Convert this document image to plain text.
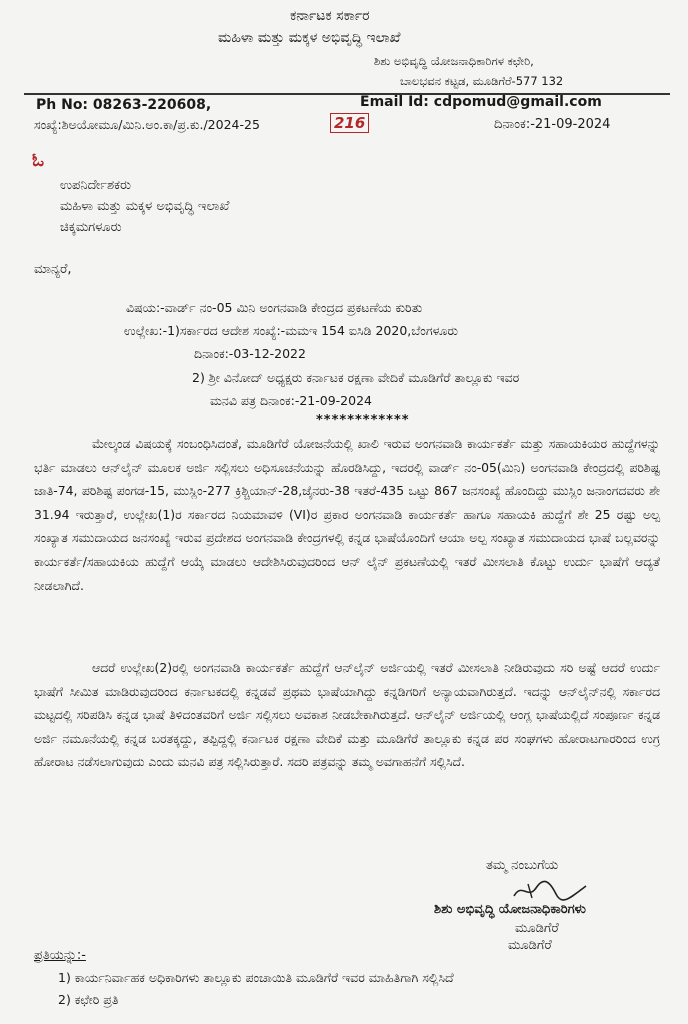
ಕರ್ನಾಟಕ ಸರ್ಕಾರ
ಮಹಿಳಾ ಮತ್ತು ಮಕ್ಕಳ ಅಭಿವೃದ್ಧಿ ಇಲಾಖೆ
ಶಿಶು ಅಭಿವೃದ್ಧಿ ಯೋಜನಾಧಿಕಾರಿಗಳ ಕಛೇರಿ,
ಬಾಲಭವನ ಕಟ್ಟಡ, ಮೂಡಿಗೆರೆ-577 132
Ph No: 08263-220608,	Email Id: cdpomud@gmail.com
ಸಂಖ್ಯೆ:ಶಿಅಯೋಮೂ/ಮಿನಿ.ಅಂ.ಕಾ/ಪ್ರ.ಕು./2024-25	216	ದಿನಾಂಕ:-21-09-2024
ಓ
ಉಪನಿರ್ದೇಶಕರು
ಮಹಿಳಾ ಮತ್ತು ಮಕ್ಕಳ ಅಭಿವೃದ್ಧಿ ಇಲಾಖೆ
ಚಿಕ್ಕಮಗಳೂರು
ಮಾನ್ಯರೆ,
ವಿಷಯ:-ವಾರ್ಡ್ ನಂ-05 ಮಿನಿ ಅಂಗನವಾಡಿ ಕೇಂದ್ರದ ಪ್ರಕಟಣೆಯ ಕುರಿತು
ಉಲ್ಲೇಖ:-1)ಸರ್ಕಾರದ ಆದೇಶ ಸಂಖ್ಯೆ:-ಮಮಇ 154 ಐಸಿಡಿ 2020,ಬೆಂಗಳೂರು
ದಿನಾಂಕ:-03-12-2022
2) ಶ್ರೀ ವಿನೋದ್ ಅಧ್ಯಕ್ಷರು ಕರ್ನಾಟಕ ರಕ್ಷಣಾ ವೇದಿಕೆ ಮೂಡಿಗೆರೆ ತಾಲ್ಲೂಕು ಇವರ
ಮನವಿ ಪತ್ರ ದಿನಾಂಕ:-21-09-2024
************
ಮೇಲ್ಕಂಡ ವಿಷಯಕ್ಕೆ ಸಂಬಂಧಿಸಿದಂತೆ, ಮೂಡಿಗೆರೆ ಯೋಜನೆಯಲ್ಲಿ ಖಾಲಿ ಇರುವ ಅಂಗನವಾಡಿ ಕಾರ್ಯಕರ್ತೆ ಮತ್ತು ಸಹಾಯಕಿಯರ ಹುದ್ದೆಗಳನ್ನು ಭರ್ತಿ ಮಾಡಲು ಆನ್‌ಲೈನ್ ಮೂಲಕ ಅರ್ಜಿ ಸಲ್ಲಿಸಲು ಅಧಿಸೂಚನೆಯನ್ನು ಹೊರಡಿಸಿದ್ದು, ಇದರಲ್ಲಿ ವಾರ್ಡ್ ನಂ-05(ಮಿನಿ) ಅಂಗನವಾಡಿ ಕೇಂದ್ರದಲ್ಲಿ ಪರಿಶಿಷ್ಟ ಜಾತಿ-74, ಪರಿಶಿಷ್ಟ ಪಂಗಡ-15, ಮುಸ್ಲಿಂ-277 ಕ್ರಿಶ್ಚಿಯಾನ್-28,ಜೈನರು-38 ಇತರೆ-435 ಒಟ್ಟು 867 ಜನಸಂಖ್ಯೆ ಹೊಂದಿದ್ದು ಮುಸ್ಲಿಂ ಜನಾಂಗದವರು ಶೇ 31.94 ಇರುತ್ತಾರೆ, ಉಲ್ಲೇಖ(1)ರ ಸರ್ಕಾರದ ನಿಯಮಾವಳಿ (VI)ರ ಪ್ರಕಾರ ಅಂಗನವಾಡಿ ಕಾರ್ಯಕರ್ತೆ ಹಾಗೂ ಸಹಾಯಕಿ ಹುದ್ದೆಗೆ ಶೇ 25 ರಷ್ಟು ಅಲ್ಪ ಸಂಖ್ಯಾತ ಸಮುದಾಯದ ಜನಸಂಖ್ಯೆ ಇರುವ ಪ್ರದೇಶದ ಅಂಗನವಾಡಿ ಕೇಂದ್ರಗಳಲ್ಲಿ ಕನ್ನಡ ಭಾಷೆಯೊಂದಿಗೆ ಆಯಾ ಅಲ್ಪ ಸಂಖ್ಯಾತ ಸಮುದಾಯದ ಭಾಷೆ ಬಲ್ಲವರನ್ನು ಕಾರ್ಯಕರ್ತೆ/ಸಹಾಯಕಿಯ ಹುದ್ದೆಗೆ ಆಯ್ಕೆ ಮಾಡಲು ಆದೇಶಿಸಿರುವುದರಿಂದ ಆನ್ ಲೈನ್ ಪ್ರಕಟಣೆಯಲ್ಲಿ ಇತರೆ ಮೀಸಲಾತಿ ಕೊಟ್ಟು ಉರ್ದು ಭಾಷೆಗೆ ಆದ್ಯತೆ ನೀಡಲಾಗಿದೆ.
ಆದರೆ ಉಲ್ಲೇಖ(2)ರಲ್ಲಿ ಅಂಗನವಾಡಿ ಕಾರ್ಯಕರ್ತೆ ಹುದ್ದೆಗೆ ಆನ್‌ಲೈನ್ ಅರ್ಜಿಯಲ್ಲಿ ಇತರೆ ಮೀಸಲಾತಿ ನೀಡಿರುವುದು ಸರಿ ಅಷ್ಟೆ ಆದರೆ ಉರ್ದು ಭಾಷೆಗೆ ಸೀಮಿತ ಮಾಡಿರುವುದರಿಂದ ಕರ್ನಾಟಕದಲ್ಲಿ ಕನ್ನಡವೆ ಪ್ರಥಮ ಭಾಷೆಯಾಗಿದ್ದು ಕನ್ನಡಿಗರಿಗೆ ಅನ್ಯಾಯವಾಗಿರುತ್ತದೆ. ಇದನ್ನು ಆನ್‌ಲೈನ್‌ನಲ್ಲಿ ಸರ್ಕಾರದ ಮಟ್ಟದಲ್ಲಿ ಸರಿಪಡಿಸಿ ಕನ್ನಡ ಭಾಷೆ ತಿಳಿದಂತವರಿಗೆ ಅರ್ಜಿ ಸಲ್ಲಿಸಲು ಅವಕಾಶ ನೀಡಬೇಕಾಗಿರುತ್ತದೆ. ಆನ್‌ಲೈನ್ ಅರ್ಜಿಯಲ್ಲಿ ಆಂಗ್ಲ ಭಾಷೆಯಲ್ಲಿದೆ ಸಂಪೂರ್ಣ ಕನ್ನಡ ಅರ್ಜಿ ನಮೂನೆಯಲ್ಲಿ ಕನ್ನಡ ಬರತಕ್ಕದ್ದು, ತಪ್ಪಿದ್ದಲ್ಲಿ ಕರ್ನಾಟಕ ರಕ್ಷಣಾ ವೇದಿಕೆ ಮತ್ತು ಮೂಡಿಗೆರೆ ತಾಲ್ಲೂಕು ಕನ್ನಡ ಪರ ಸಂಘಗಳು ಹೋರಾಟಗಾರರಿಂದ ಉಗ್ರ ಹೋರಾಟ ನಡೆಸಲಾಗುವುದು ಎಂದು ಮನವಿ ಪತ್ರ ಸಲ್ಲಿಸಿರುತ್ತಾರೆ. ಸದರಿ ಪತ್ರವನ್ನು ತಮ್ಮ ಅವಗಾಹನೆಗೆ ಸಲ್ಲಿಸಿದೆ.
ತಮ್ಮ ನಂಬುಗೆಯ
ಶಿಶು ಅಭಿವೃದ್ಧಿ ಯೋಜನಾಧಿಕಾರಿಗಳು
ಮೂಡಿಗೆರೆ
ಮೂಡಿಗೆರೆ
ಪ್ರತಿಯನ್ನು:-
1) ಕಾರ್ಯನಿರ್ವಾಹಕ ಅಧಿಕಾರಿಗಳು ತಾಲ್ಲೂಕು ಪಂಚಾಯಿತಿ ಮೂಡಿಗೆರೆ ಇವರ ಮಾಹಿತಿಗಾಗಿ ಸಲ್ಲಿಸಿದೆ
2) ಕಛೇರಿ ಪ್ರತಿ
